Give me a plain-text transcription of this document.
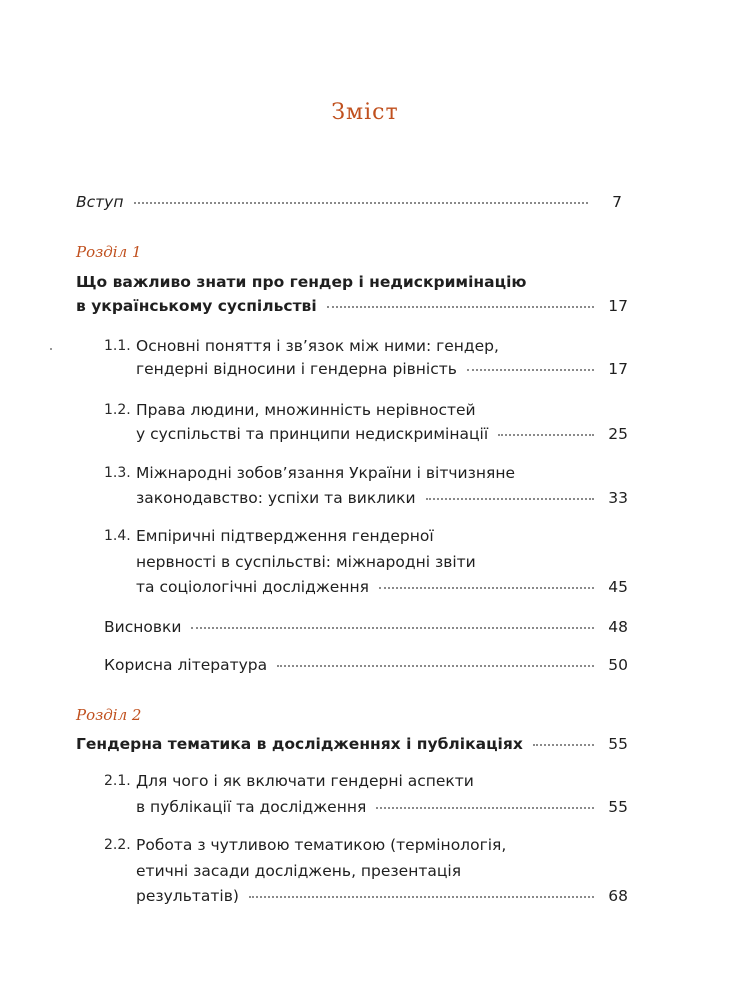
Зміст
Вступ	7
Розділ 1
Що важливо знати про гендер і недискримінацію
в українському суспільстві	17
1.1. Основні поняття і зв’язок між ними: гендер,
гендерні відносини і гендерна рівність	17
1.2. Права людини, множинність нерівностей
у суспільстві та принципи недискримінації	25
1.3. Міжнародні зобов’язання України і вітчизняне
законодавство: успіхи та виклики	33
1.4. Емпіричні підтвердження гендерної
нервності в суспільстві: міжнародні звіти
та соціологічні дослідження	45
Висновки	48
Корисна література	50
Розділ 2
Гендерна тематика в дослідженнях і публікаціях	55
2.1. Для чого і як включати гендерні аспекти
в публікації та дослідження	55
2.2. Робота з чутливою тематикою (термінологія,
етичні засади досліджень, презентація
результатів)	68
